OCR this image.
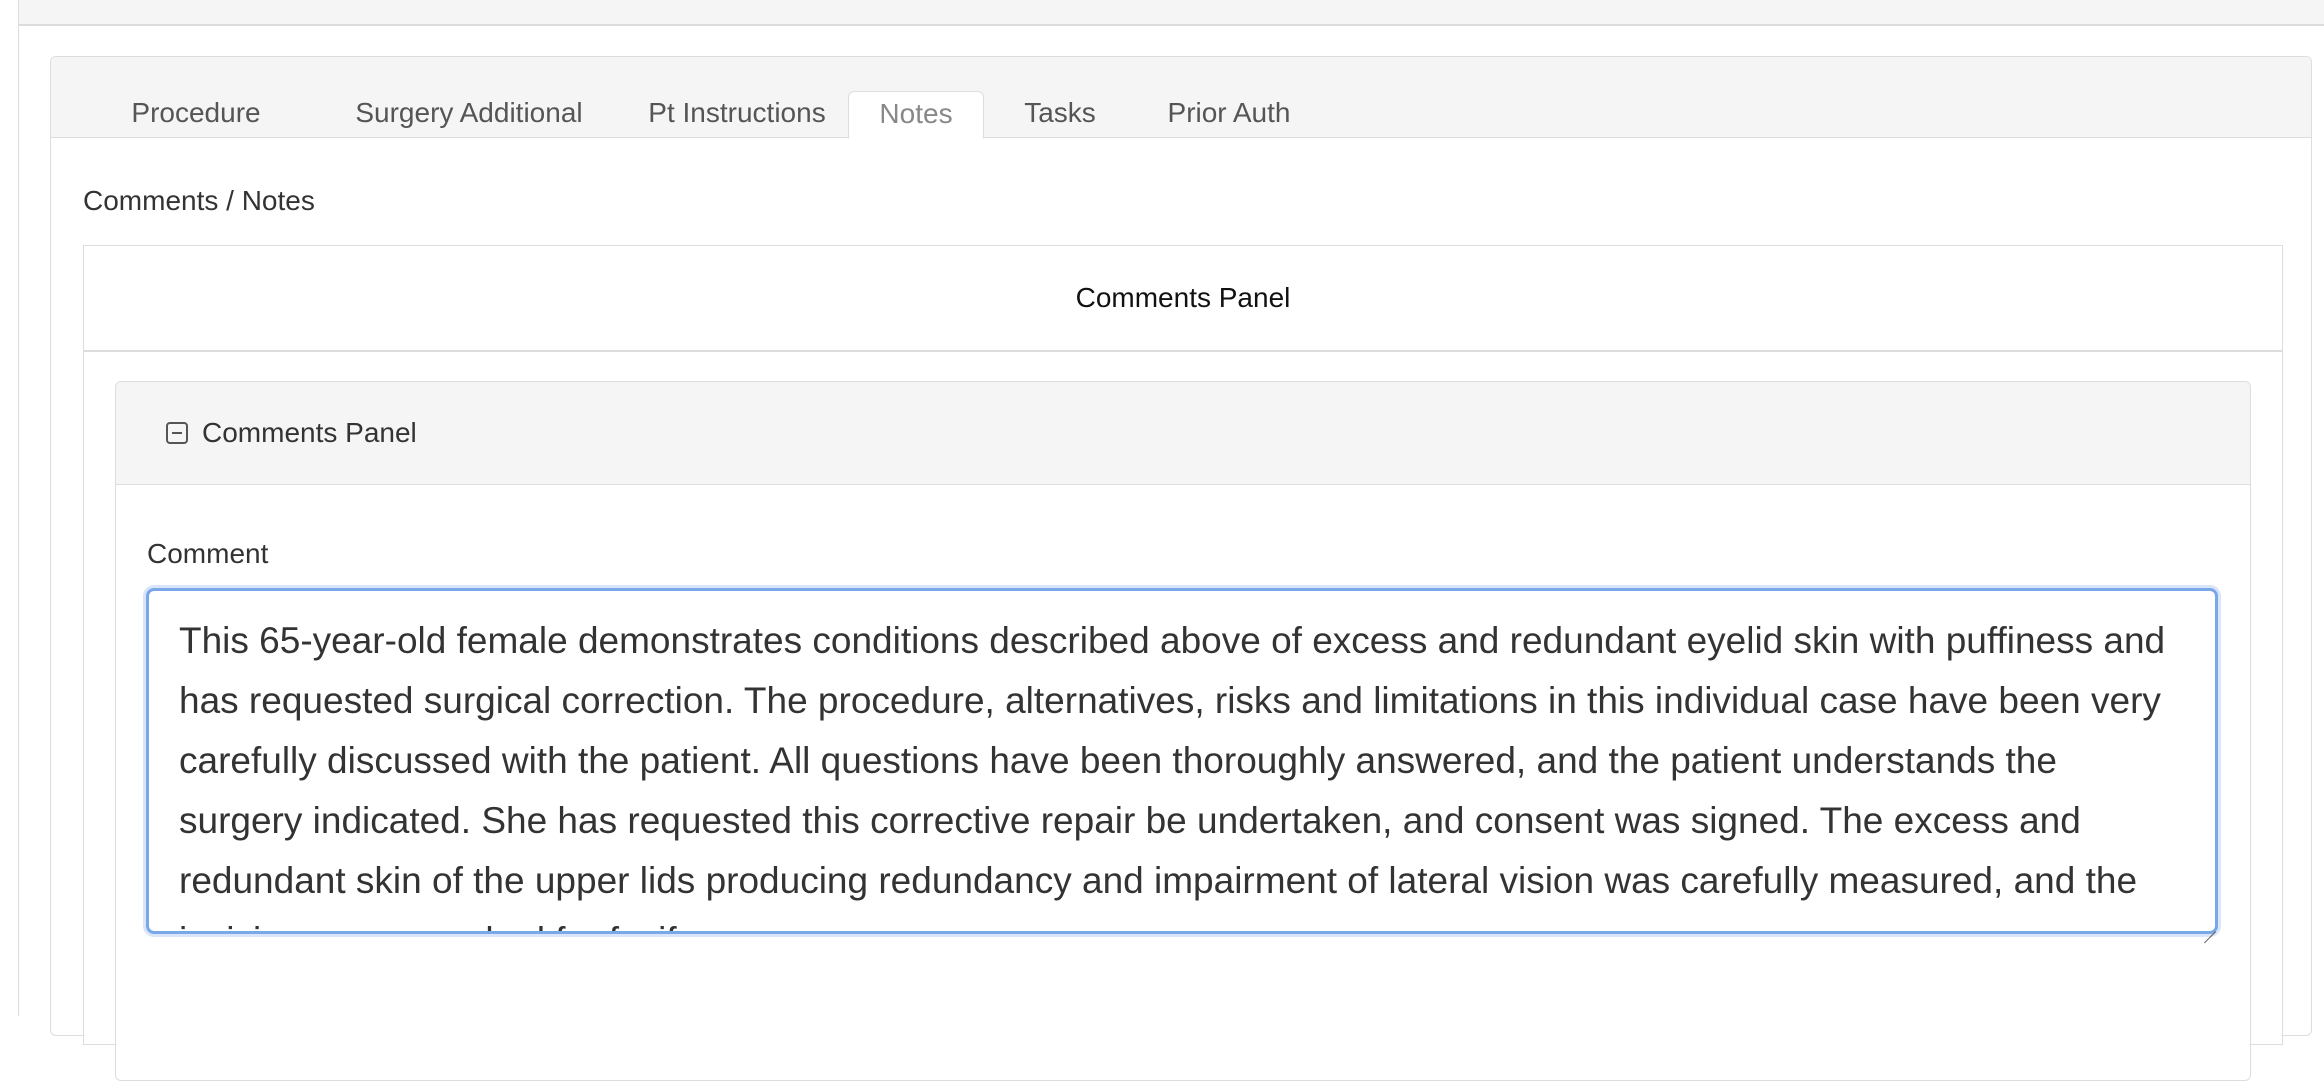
Procedure	Surgery Additional	Pt Instructions	Notes	Tasks	Prior Auth
Comments / Notes
Comments Panel
Comments Panel
Comment
This 65-year-old female demonstrates conditions described above of excess and redundant eyelid skin with puffiness and has requested surgical correction. The procedure, alternatives, risks and limitations in this individual case have been very carefully discussed with the patient. All questions have been thoroughly answered, and the patient understands the surgery indicated. She has requested this corrective repair be undertaken, and consent was signed. The excess and redundant skin of the upper lids producing redundancy and impairment of lateral vision was carefully measured, and the incisions were marked for fusiform
